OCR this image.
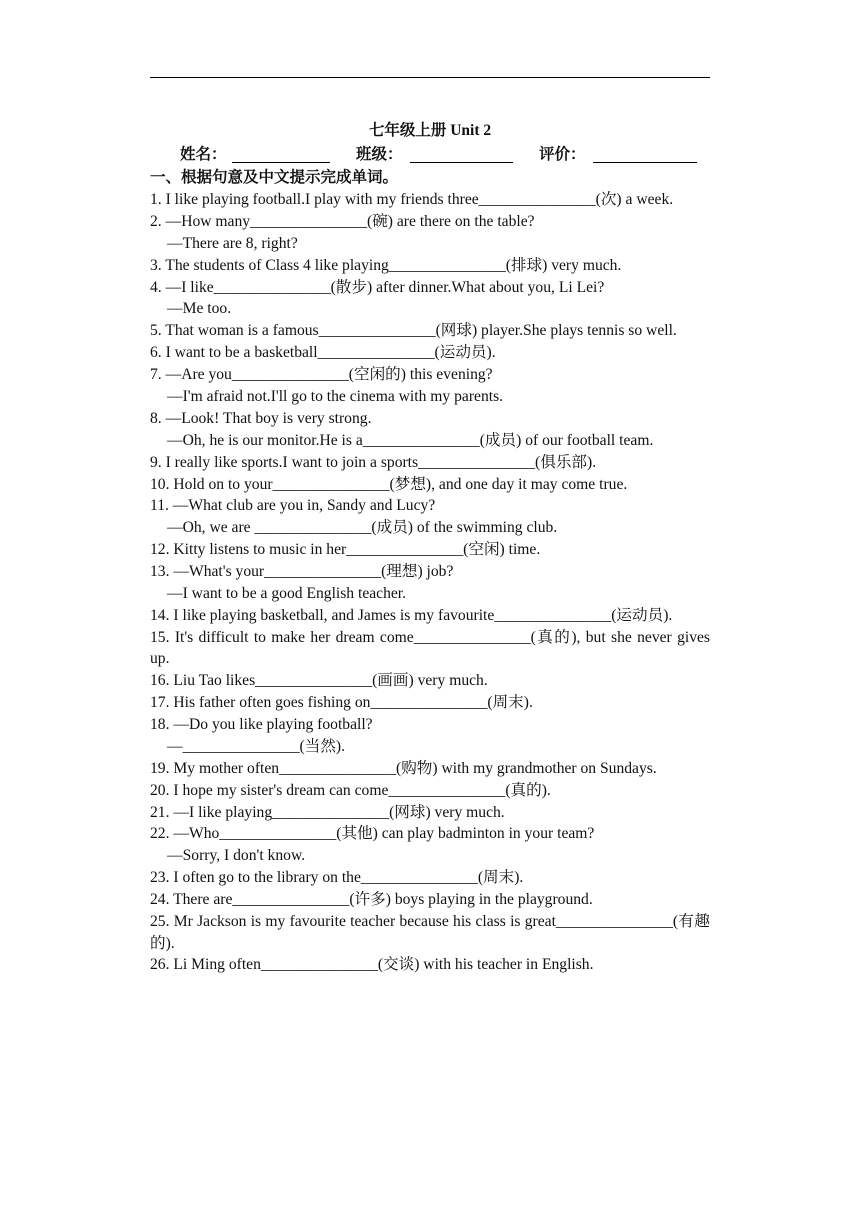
七年级上册 Unit 2
姓名：	班级：	评价：
一、根据句意及中文提示完成单词。
1. I like playing football.I play with my friends three_______________(次) a week.
2. —How many_______________(碗) are there on the table?
—There are 8, right?
3. The students of Class 4 like playing_______________(排球) very much.
4. —I like_______________(散步) after dinner.What about you, Li Lei?
—Me too.
5. That woman is a famous_______________(网球) player.She plays tennis so well.
6. I want to be a basketball_______________(运动员).
7. —Are you_______________(空闲的) this evening?
—I'm afraid not.I'll go to the cinema with my parents.
8. —Look! That boy is very strong.
—Oh, he is our monitor.He is a_______________(成员) of our football team.
9. I really like sports.I want to join a sports_______________(俱乐部).
10. Hold on to your_______________(梦想), and one day it may come true.
11. —What club are you in, Sandy and Lucy?
—Oh, we are _______________(成员) of the swimming club.
12. Kitty listens to music in her_______________(空闲) time.
13. —What's your_______________(理想) job?
—I want to be a good English teacher.
14. I like playing basketball, and James is my favourite_______________(运动员).
15. It's difficult to make her dream come_______________(真的), but she never gives up.
16. Liu Tao likes_______________(画画) very much.
17. His father often goes fishing on_______________(周末).
18. —Do you like playing football?
—_______________(当然).
19. My mother often_______________(购物) with my grandmother on Sundays.
20. I hope my sister's dream can come_______________(真的).
21. —I like playing_______________(网球) very much.
22. —Who_______________(其他) can play badminton in your team?
—Sorry, I don't know.
23. I often go to the library on the_______________(周末).
24. There are_______________(许多) boys playing in the playground.
25. Mr Jackson is my favourite teacher because his class is great_______________(有趣的).
26. Li Ming often_______________(交谈) with his teacher in English.
